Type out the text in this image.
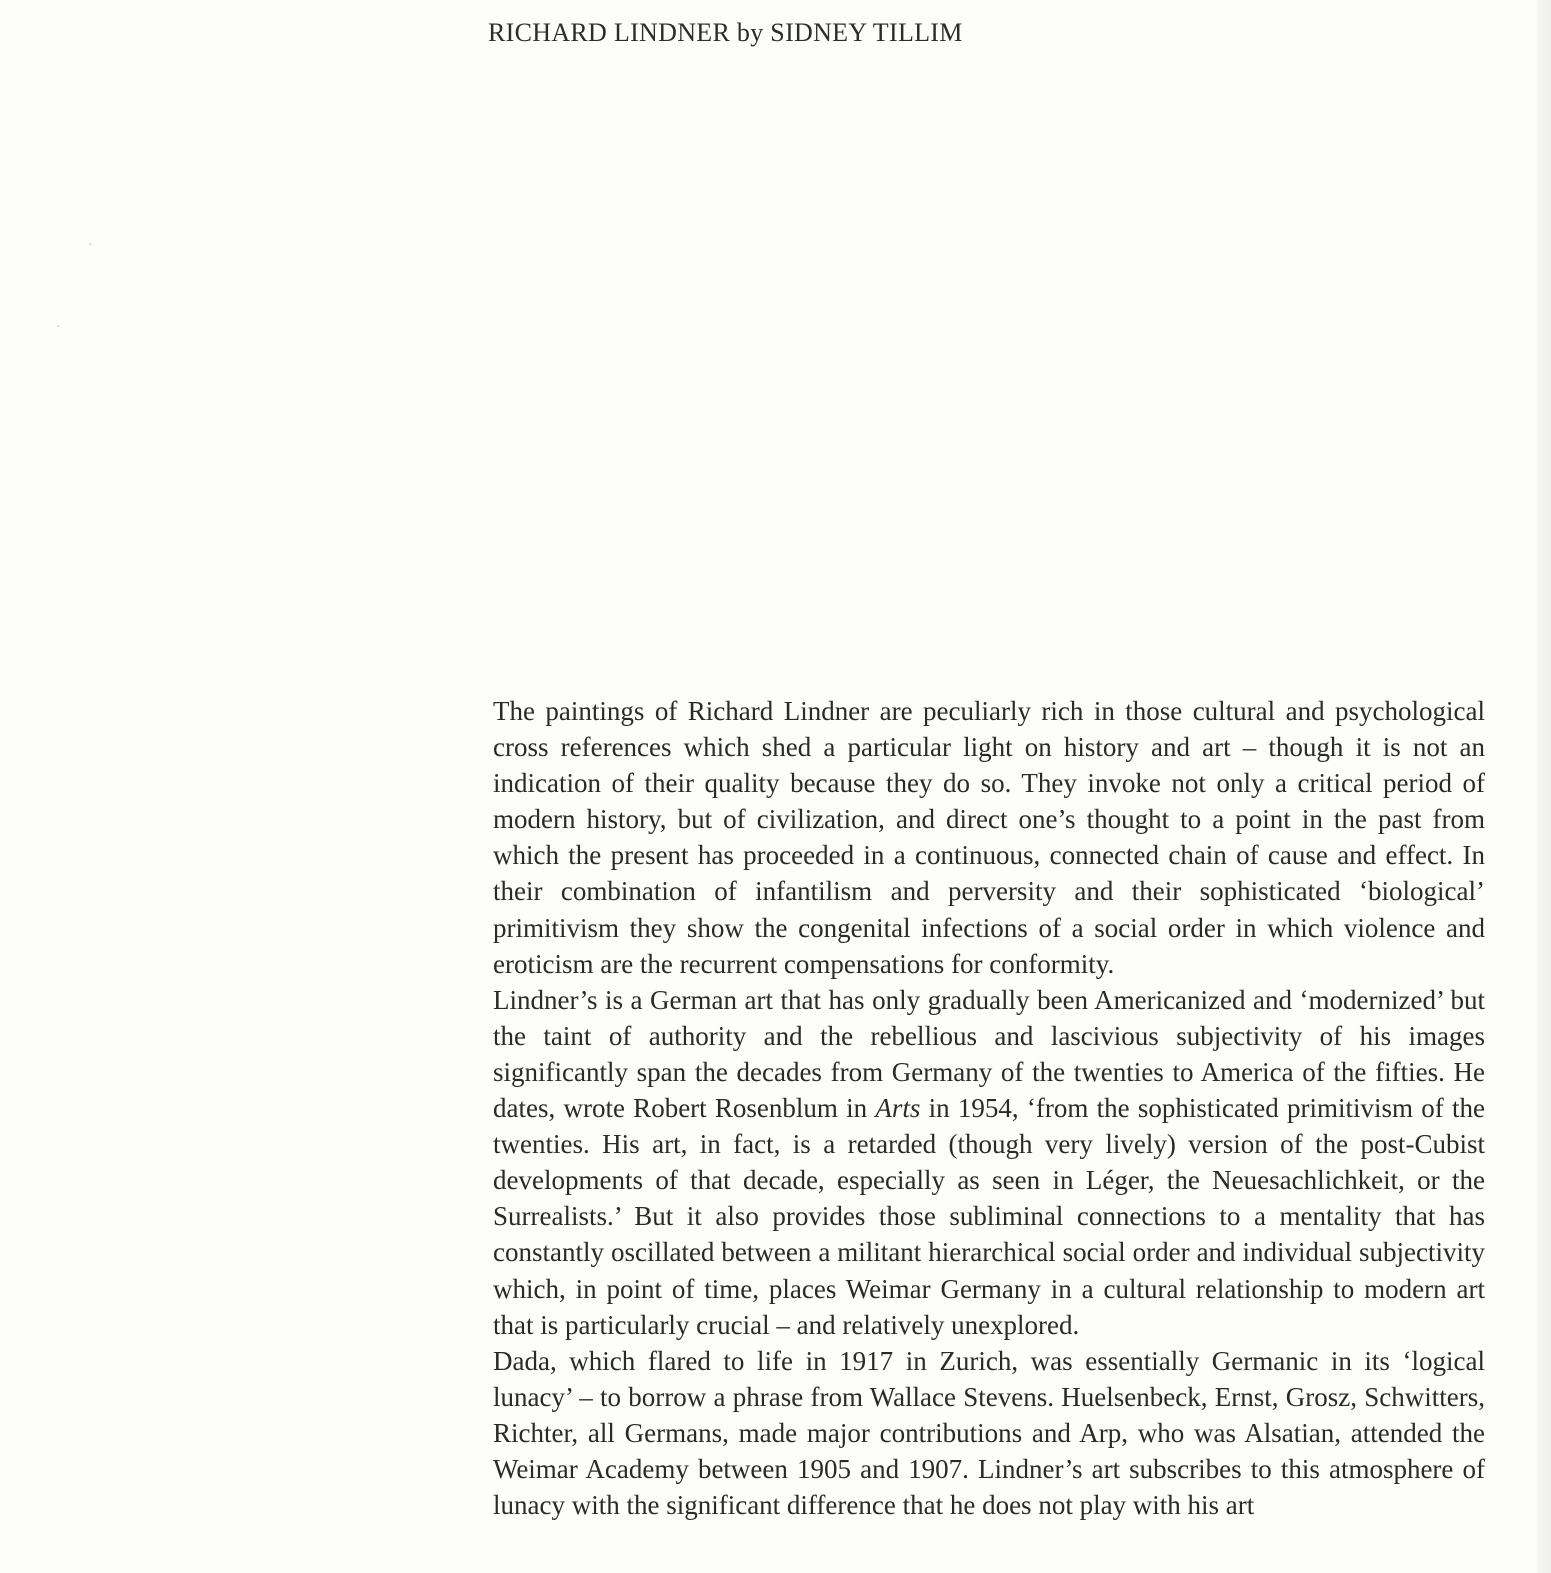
·
·
RICHARD LINDNER by SIDNEY TILLIM

The paintings of Richard Lindner are peculiarly rich in those cultural and psychological cross references which shed a particular light on history and art – though it is not an indication of their quality because they do so. They invoke not only a critical period of modern history, but of civilization, and direct one’s thought to a point in the past from which the present has proceeded in a continuous, connected chain of cause and effect. In their combination of infantilism and perversity and their sophisticated ‘biological’ primitivism they show the congenital infections of a social order in which violence and eroticism are the recurrent compensations for conformity.

Lindner’s is a German art that has only gradually been Americanized and ‘modernized’ but the taint of authority and the rebellious and lascivious subjectivity of his images significantly span the decades from Germany of the twenties to America of the fifties. He dates, wrote Robert Rosenblum in Arts in 1954, ‘from the sophisticated primitivism of the twenties. His art, in fact, is a retarded (though very lively) version of the post-Cubist developments of that decade, especially as seen in Léger, the Neuesachlichkeit, or the Surrealists.’ But it also provides those subliminal connections to a mentality that has constantly oscillated between a militant hierarchical social order and individual subjectivity which, in point of time, places Weimar Germany in a cultural relationship to modern art that is particularly crucial – and relatively unexplored.

Dada, which flared to life in 1917 in Zurich, was essentially Germanic in its ‘logical lunacy’ – to borrow a phrase from Wallace Stevens. Huelsenbeck, Ernst, Grosz, Schwitters, Richter, all Germans, made major contributions and Arp, who was Alsatian, attended the Weimar Academy between 1905 and 1907. Lindner’s art subscribes to this atmosphere of lunacy with the significant difference that he does not play with his art
